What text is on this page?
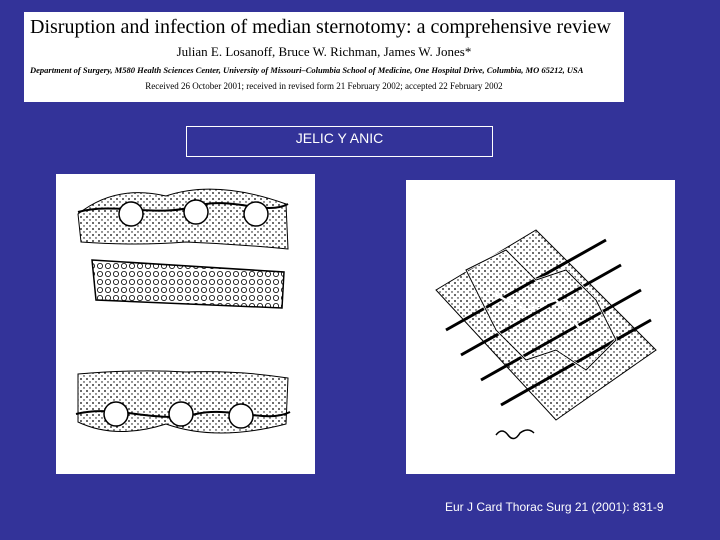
Disruption and infection of median sternotomy: a comprehensive review
Julian E. Losanoff, Bruce W. Richman, James W. Jones*
Department of Surgery, M580 Health Sciences Center, University of Missouri–Columbia School of Medicine, One Hospital Drive, Columbia, MO 65212, USA
Received 26 October 2001; received in revised form 21 February 2002; accepted 22 February 2002
JELIC Y ANIC
Eur J Card Thorac Surg 21 (2001): 831-9
